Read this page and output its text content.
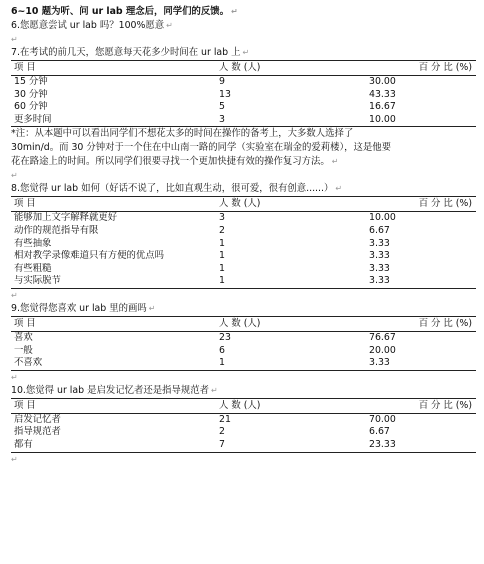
6~10 题为听、问 ur lab 理念后，同学们的反馈。 ↵
6.您愿意尝试 ur lab 吗？100%愿意 ↵
↵
7.在考试的前几天，您愿意每天花多少时间在 ur lab 上 ↵
项 目	人 数 (人)	百 分 比 (%)
15 分钟	9	30.00
30 分钟	13	43.33
60 分钟	5	16.67
更多时间	3	10.00
*注：从本题中可以看出同学们不想花太多的时间在操作的备考上，大多数人选择了
30min/d。而 30 分钟对于一个住在中山南一路的同学（实验室在瑞金的爱莉楼），这是他要
花在路途上的时间。所以同学们很要寻找一个更加快捷有效的操作复习方法。 ↵
↵
8.您觉得 ur lab 如何（好话不说了，比如直观生动，很可爱，很有创意......） ↵
项 目	人 数 (人)	百 分 比 (%)
能够加上文字解释就更好	3	10.00
动作的规范指导有限	2	6.67
有些抽象	1	3.33
相对教学录像难道只有方便的优点吗	1	3.33
有些粗糙	1	3.33
与实际脱节	1	3.33
↵
9.您觉得您喜欢 ur lab 里的画吗 ↵
项 目	人 数 (人)	百 分 比 (%)
喜欢	23	76.67
一般	6	20.00
不喜欢	1	3.33
↵
10.您觉得 ur lab 是启发记忆者还是指导规范者 ↵
项 目	人 数 (人)	百 分 比 (%)
启发记忆者	21	70.00
指导规范者	2	6.67
都有	7	23.33
↵
